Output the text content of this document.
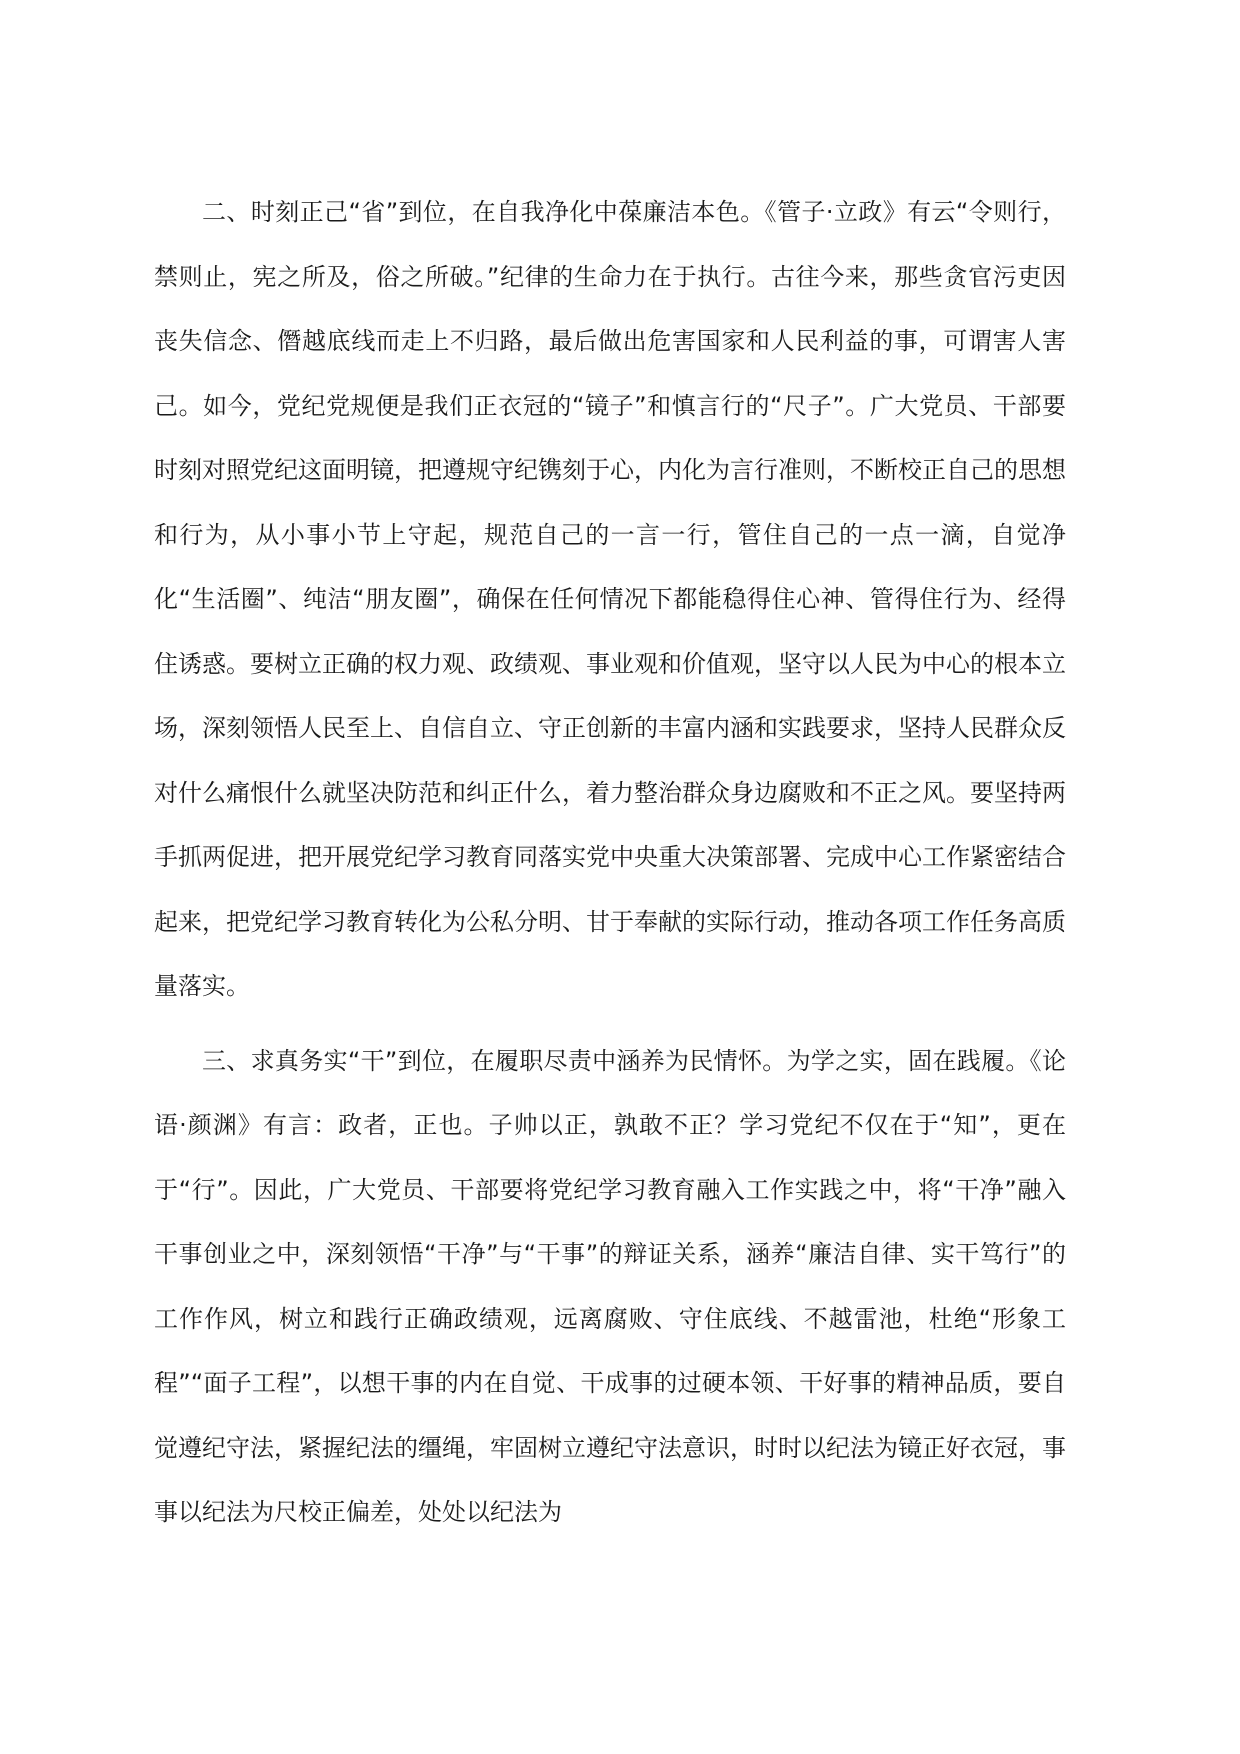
二、时刻正己“省”到位，在自我净化中葆廉洁本色。《管子·立政》有云“令则行，禁则止，宪之所及，俗之所破。”纪律的生命力在于执行。古往今来，那些贪官污吏因丧失信念、僭越底线而走上不归路，最后做出危害国家和人民利益的事，可谓害人害己。如今，党纪党规便是我们正衣冠的“镜子”和慎言行的“尺子”。广大党员、干部要时刻对照党纪这面明镜，把遵规守纪镌刻于心，内化为言行准则，不断校正自己的思想和行为，从小事小节上守起，规范自己的一言一行，管住自己的一点一滴，自觉净化“生活圈”、纯洁“朋友圈”，确保在任何情况下都能稳得住心神、管得住行为、经得住诱惑。要树立正确的权力观、政绩观、事业观和价值观，坚守以人民为中心的根本立场，深刻领悟人民至上、自信自立、守正创新的丰富内涵和实践要求，坚持人民群众反对什么痛恨什么就坚决防范和纠正什么，着力整治群众身边腐败和不正之风。要坚持两手抓两促进，把开展党纪学习教育同落实党中央重大决策部署、完成中心工作紧密结合起来，把党纪学习教育转化为公私分明、甘于奉献的实际行动，推动各项工作任务高质量落实。

三、求真务实“干”到位，在履职尽责中涵养为民情怀。为学之实，固在践履。《论语·颜渊》有言：政者，正也。子帅以正，孰敢不正？学习党纪不仅在于“知”，更在于“行”。因此，广大党员、干部要将党纪学习教育融入工作实践之中，将“干净”融入干事创业之中，深刻领悟“干净”与“干事”的辩证关系，涵养“廉洁自律、实干笃行”的工作作风，树立和践行正确政绩观，远离腐败、守住底线、不越雷池，杜绝“形象工程”“面子工程”，以想干事的内在自觉、干成事的过硬本领、干好事的精神品质，要自觉遵纪守法，紧握纪法的缰绳，牢固树立遵纪守法意识，时时以纪法为镜正好衣冠，事事以纪法为尺校正偏差，处处以纪法为
